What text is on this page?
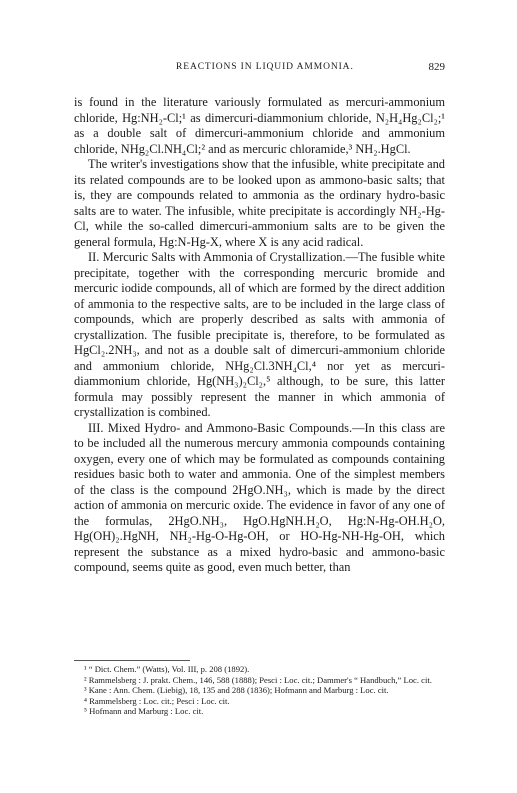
REACTIONS IN LIQUID AMMONIA.	829

is found in the literature variously formulated as mercuri-ammonium chloride, Hg:NH₂-Cl;¹ as dimercuri-diammonium chloride, N₂H₄Hg₂Cl₂;¹ as a double salt of dimercuri-ammonium chloride and ammonium chloride, NHg₂Cl.NH₄Cl;² and as mercuric chloramide,³ NH₂.HgCl.

The writer's investigations show that the infusible, white precipitate and its related compounds are to be looked upon as ammono-basic salts; that is, they are compounds related to ammonia as the ordinary hydro-basic salts are to water. The infusible, white precipitate is accordingly NH₂-Hg-Cl, while the so-called dimercuri-ammonium salts are to be given the general formula, Hg:N-Hg-X, where X is any acid radical.

II. Mercuric Salts with Ammonia of Crystallization.—The fusible white precipitate, together with the corresponding mercuric bromide and mercuric iodide compounds, all of which are formed by the direct addition of ammonia to the respective salts, are to be included in the large class of compounds, which are properly described as salts with ammonia of crystallization. The fusible precipitate is, therefore, to be formulated as HgCl₂.2NH₃, and not as a double salt of dimercuri-ammonium chloride and ammonium chloride, NHg₂Cl.3NH₄Cl,⁴ nor yet as mercuri-diammonium chloride, Hg(NH₃)₂Cl₂,⁵ although, to be sure, this latter formula may possibly represent the manner in which ammonia of crystallization is combined.

III. Mixed Hydro- and Ammono-Basic Compounds.—In this class are to be included all the numerous mercury ammonia compounds containing oxygen, every one of which may be formulated as compounds containing residues basic both to water and ammonia. One of the simplest members of the class is the compound 2HgO.NH₃, which is made by the direct action of ammonia on mercuric oxide. The evidence in favor of any one of the formulas, 2HgO.NH₃, HgO.HgNH.H₂O, Hg:N-Hg-OH.H₂O, Hg(OH)₂.HgNH, NH₂-Hg-O-Hg-OH, or HO-Hg-NH-Hg-OH, which represent the substance as a mixed hydro-basic and ammono-basic compound, seems quite as good, even much better, than

¹ “ Dict. Chem.” (Watts), Vol. III, p. 208 (1892).

² Rammelsberg : J. prakt. Chem., 146, 588 (1888); Pesci : Loc. cit.; Dammer's “ Handbuch,” Loc. cit.

³ Kane : Ann. Chem. (Liebig), 18, 135 and 288 (1836); Hofmann and Marburg : Loc. cit.

⁴ Rammelsberg : Loc. cit.; Pesci : Loc. cit.

⁵ Hofmann and Marburg : Loc. cit.
